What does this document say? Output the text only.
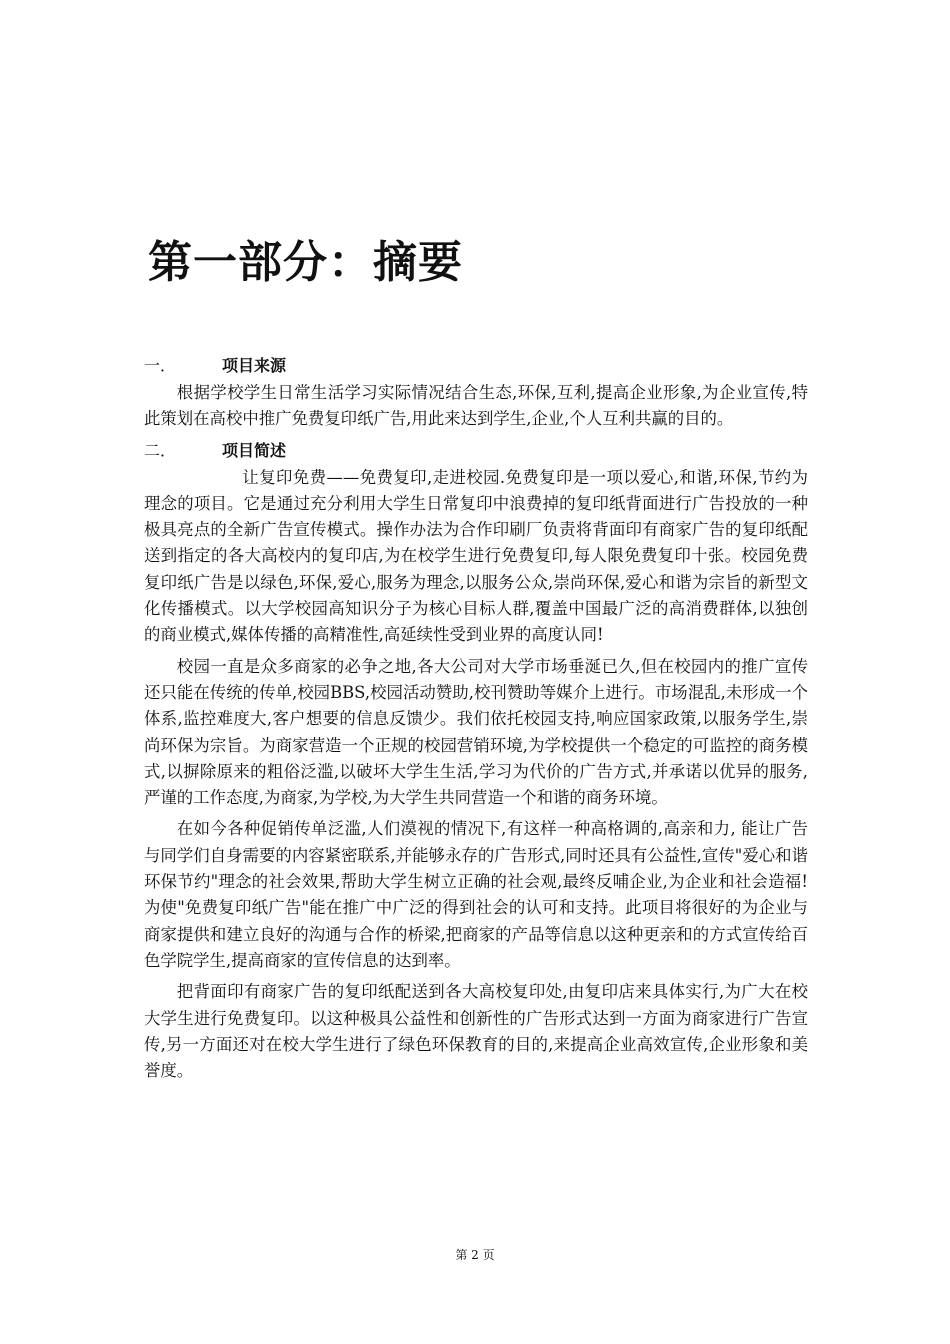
第一部分：摘要
一．	项目来源

根据学校学生日常生活学习实际情况结合生态,环保,互利,提高企业形象,为企业宣传,特此策划在高校中推广免费复印纸广告,用此来达到学生,企业,个人互利共赢的目的。

二．	项目简述

让复印免费——免费复印,走进校园.免费复印是一项以爱心,和谐,环保,节约为理念的项目。它是通过充分利用大学生日常复印中浪费掉的复印纸背面进行广告投放的一种极具亮点的全新广告宣传模式。操作办法为合作印刷厂负责将背面印有商家广告的复印纸配送到指定的各大高校内的复印店,为在校学生进行免费复印,每人限免费复印十张。校园免费复印纸广告是以绿色,环保,爱心,服务为理念,以服务公众,崇尚环保,爱心和谐为宗旨的新型文化传播模式。以大学校园高知识分子为核心目标人群,覆盖中国最广泛的高消费群体,以独创的商业模式,媒体传播的高精准性,高延续性受到业界的高度认同!

校园一直是众多商家的必争之地,各大公司对大学市场垂涎已久,但在校园内的推广宣传还只能在传统的传单,校园BBS,校园活动赞助,校刊赞助等媒介上进行。市场混乱,未形成一个体系,监控难度大,客户想要的信息反馈少。我们依托校园支持,响应国家政策,以服务学生,崇尚环保为宗旨。为商家营造一个正规的校园营销环境,为学校提供一个稳定的可监控的商务模式,以摒除原来的粗俗泛滥,以破坏大学生生活,学习为代价的广告方式,并承诺以优异的服务,严谨的工作态度,为商家,为学校,为大学生共同营造一个和谐的商务环境。

在如今各种促销传单泛滥,人们漠视的情况下,有这样一种高格调的,高亲和力, 能让广告与同学们自身需要的内容紧密联系,并能够永存的广告形式,同时还具有公益性,宣传"爱心和谐环保节约"理念的社会效果,帮助大学生树立正确的社会观,最终反哺企业,为企业和社会造福!为使"免费复印纸广告"能在推广中广泛的得到社会的认可和支持。此项目将很好的为企业与商家提供和建立良好的沟通与合作的桥梁,把商家的产品等信息以这种更亲和的方式宣传给百色学院学生,提高商家的宣传信息的达到率。

把背面印有商家广告的复印纸配送到各大高校复印处,由复印店来具体实行,为广大在校大学生进行免费复印。以这种极具公益性和创新性的广告形式达到一方面为商家进行广告宣传,另一方面还对在校大学生进行了绿色环保教育的目的,来提高企业高效宣传,企业形象和美誉度。

第 2 页
